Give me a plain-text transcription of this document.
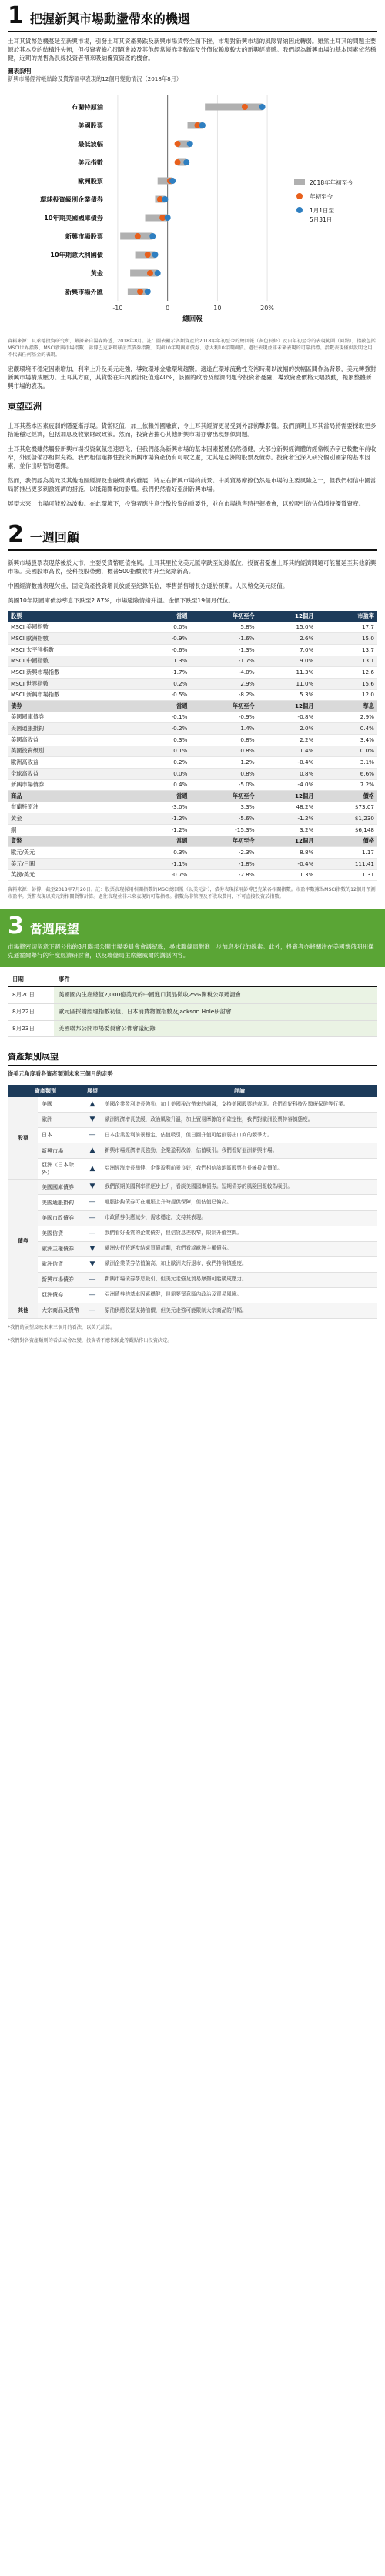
1 把握新興市場動盪帶來的機遇
土耳其貨幣危機蔓延至新興市場，引發土耳其資產暴跌及新興市場貨幣全面下挫，市場對新興市場的風險胃納因此轉弱。雖然土耳其的問題主要源於其本身的結構性失衡，但投資者擔心問題會波及其他經常帳赤字較高及外債依賴度較大的新興經濟體。我們認為新興市場的基本因素依然穩健，近期的拋售為長線投資者帶來吸納優質資產的機會。
圖表說明
新興市場經常帳結餘及貨幣匯率表現的12個月變動情況（2018年8月）
-10	0	10	20%
總回報
布蘭特原油
美國股票
最低波幅
美元指數
歐洲股票
環球投資級別企業債券
10年期美國國庫債券
新興市場股票
10年期意大利國債
黃金
新興市場外匯
2018年年初至今
年初至今
1月1日至
5月31日
資料來源：貝萊德投資研究所，數據來自湯森路透，2018年8月。註：圖表顯示各類資產於2018年年初至今的總回報（灰色長條）及自年初至今的表現範圍（圓點），指數包括MSCI世界指數、MSCI新興市場指數、彭博巴克萊環球企業債券指數、美國10年期國庫債券、意大利10年期國債。過往表現並非未來表現的可靠指標。指數表現僅供說明之用，不代表任何基金的表現。
宏觀環境不穩定因素增加，利率上升及美元走強，導致環球金融環境趨緊。適逢在環球流動性充裕時期以波幅的狹幅區間作為背景，美元轉強對新興市場構成壓力。土耳其方面，其貨幣在年內累計貶值逾40%，該國的政治及經濟問題令投資者憂慮，導致資產價格大幅波動，拖累整體新興市場的表現。
東望亞洲
土耳其基本因素疲弱的隱憂漸浮現。貨幣貶值，加上依賴外國融資，令土耳其經濟更易受到外部衝擊影響。我們預期土耳其當局將需要採取更多措施穩定經濟，包括加息及收緊財政政策。然而，投資者擔心其他新興市場亦會出現類似問題。
土耳其危機雖然觸發新興市場投資氣氛急速惡化，但我們認為新興市場的基本因素整體仍然穩健，大部分新興經濟體的經常帳赤字已較數年前收窄，外匯儲備亦相對充裕。我們相信選擇性投資新興市場資產仍有可取之處，尤其是亞洲的股票及債券。投資者宜深入研究個別國家的基本因素，並作出明智的選擇。
然而，我們認為美元及其他地區經濟及金融環境的發展，將左右新興市場的前景。中美貿易摩擦仍然是市場的主要風險之一，但我們相信中國當局將推出更多刺激經濟的措施，以抵銷關稅的影響。我們仍然看好亞洲新興市場。
展望未來，市場可能較為波動。在此環境下，投資者應注意分散投資的重要性，並在市場拋售時把握機會，以較吸引的估值增持優質資產。
2 一週回顧
新興市場股票表現落後於大市，主要受貨幣貶值拖累。土耳其里拉兌美元匯率跌至紀錄低位，投資者憂慮土耳其的經濟問題可能蔓延至其他新興市場。美國股市高收，受科技股帶動，標普500指數收市升至紀錄新高。
中國經濟數據表現欠佳，固定資產投資增長放緩至紀錄低位，零售銷售增長亦遜於預期。人民幣兌美元貶值。
美國10年期國庫債券孳息下跌至2.87%，市場避險情緒升溫。金價下跌至19個月低位。
股票	當週	年初至今	12個月	市盈率
MSCI 美國指數	0.0%	5.8%	15.0%	17.7
MSCI 歐洲指數	-0.9%	-1.6%	2.6%	15.0
MSCI 太平洋指數	-0.6%	-1.3%	7.0%	13.7
MSCI 中國指數	1.3%	-1.7%	9.0%	13.1
MSCI 新興市場指數	-1.7%	-4.0%	11.3%	12.6
MSCI 世界指數	0.2%	2.9%	11.0%	15.6
MSCI 新興市場指數	-0.5%	-8.2%	5.3%	12.0
債券	當週	年初至今	12個月	孳息
美國國庫債券	-0.1%	-0.9%	-0.8%	2.9%
美國通脹掛鈎	-0.2%	1.4%	2.0%	0.4%
美國高收益	0.3%	0.8%	2.2%	3.4%
美國投資級別	0.1%	0.8%	1.4%	0.0%
歐洲高收益	0.2%	1.2%	-0.4%	3.1%
全球高收益	0.0%	0.8%	0.8%	6.6%
新興市場債券	0.4%	-5.0%	-4.0%	7.2%
商品	當週	年初至今	12個月	價格
布蘭特原油	-3.0%	3.3%	48.2%	$73.07
黃金	-1.2%	-5.6%	-1.2%	$1,230
銅	-1.2%	-15.3%	3.2%	$6,148
貨幣	當週	年初至今	12個月	價格
歐元/美元	0.3%	-2.3%	8.8%	1.17
美元/日圓	-1.1%	-1.8%	-0.4%	111.41
英鎊/美元	-0.7%	-2.8%	1.3%	1.31
資料來源：彭博，截至2018年7月20日。註：股票表現採用相關指數的MSCI總回報（以美元計），債券表現採用彭博巴克萊各相關指數。市盈率數據為MSCI指數的12個月預測市盈率。貨幣表現以美元對相關貨幣計算。過往表現並非未來表現的可靠指標。指數為非管理及不收取費用，不可直接投資於指數。
3 當週展望
市場將密切留意下週公佈的8月聯邦公開市場委員會會議紀錄，尋求聯儲局對進一步加息步伐的線索。此外，投資者亦將關注在美國懷俄明州傑克遜霍爾舉行的年度經濟研討會，以及聯儲局主席鮑威爾的講話內容。
日期	事件
8月20日	美國國內生產總值2,000億美元的中國進口貨品徵收25%關稅公眾聽證會
8月22日	歐元區採購經理指數初值、日本消費物價指數及Jackson Hole研討會
8月23日	美國聯邦公開市場委員會公佈會議紀錄
資產類別展望
從美元角度看各資產類別未來三個月的走勢
資產類別		展望	評論
股票	美國	▲	美國企業盈利增長強勁，加上美國稅改帶來的刺激，支持美國股票的表現。我們看好科技及醫療保健等行業。
	歐洲	▼	歐洲經濟增長放緩，政治風險升溫，加上貿易摩擦的不確定性，我們對歐洲股票持審慎態度。
	日本	—	日本企業盈利前景穩定，估值吸引，但日圓升值可能削弱出口商的競爭力。
	新興市場	▲	新興市場經濟增長強勁，企業盈利改善，估值吸引。我們看好亞洲新興市場。
	亞洲（日本除外）	▲	亞洲經濟增長穩健，企業盈利前景良好，我們相信該地區股票有長線投資價值。
債券	美國國庫債券	▼	我們預期美國利率將逐步上升，看淡美國國庫債券。短期債券的風險回報較為吸引。
	美國通脹掛鈎	—	通脹掛鈎債券可在通脹上升時提供保障，但估值已偏高。
	美國市政債券	—	市政債券供應減少，需求穩定，支持其表現。
	美國信貸	—	我們看好優質的企業債券，但信貸息差收窄，限制升值空間。
	歐洲主權債券	▼	歐洲央行將逐步結束買債計劃，我們看淡歐洲主權債券。
	歐洲信貸	▼	歐洲企業債券估值偏高，加上歐洲央行退市，我們持審慎態度。
	新興市場債券	—	新興市場債券孳息吸引，但美元走強及貿易摩擦可能構成壓力。
	亞洲債券	—	亞洲債券的基本因素穩健，但需要留意區內政治及貿易風險。
其他	大宗商品及貨幣	—	原油供應收緊支持油價，但美元走強可能限制大宗商品的升幅。
*我們的展望反映未來三個月的看法，以美元計算。
*我們對各資產類別的看法或會改變，投資者不應依賴此等觀點作出投資決定。
